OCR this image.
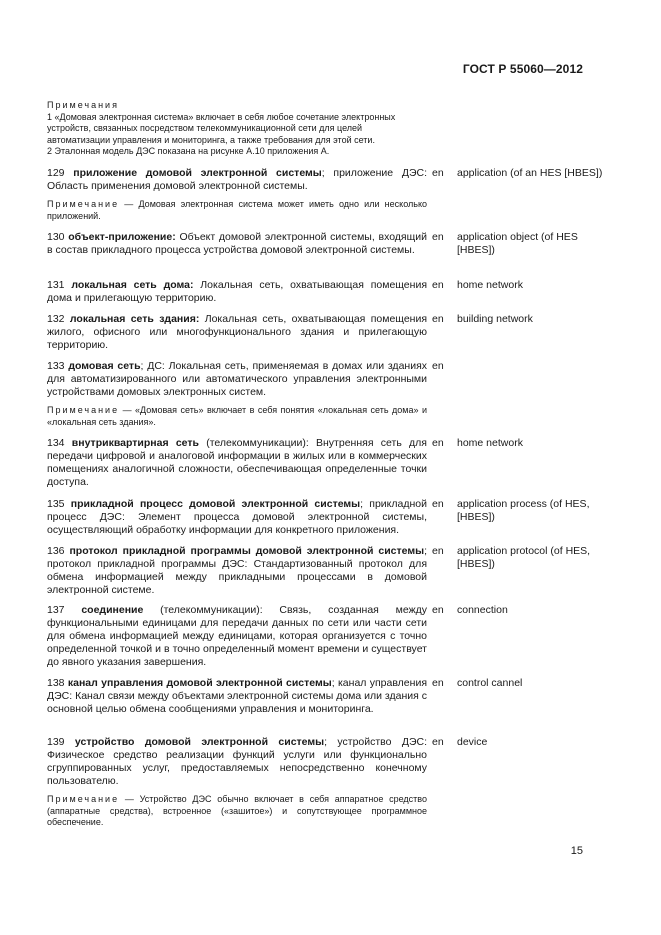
ГОСТ Р 55060—2012

Примечания

1 «Домовая электронная система» включает в себя любое сочетание электронных устройств, связанных посредством телекоммуникационной сети для целей автоматизации управления и мониторинга, а также требования для этой сети.

2 Эталонная модель ДЭС показана на рисунке А.10 приложения А.

129 приложение домовой электронной системы; приложение ДЭС: Область применения домовой электронной системы.

Примечание — Домовая электронная система может иметь одно или несколько приложений.

en application (of an HES [HBES])

130 объект-приложение: Объект домовой электронной системы, входящий в состав прикладного процесса устройства домовой электронной системы.

en application object (of HES [HBES])

131 локальная сеть дома: Локальная сеть, охватывающая помещения дома и прилегающую территорию.

en home network

132 локальная сеть здания: Локальная сеть, охватывающая помещения жилого, офисного или многофункционального здания и прилегающую территорию.

en building network

133 домовая сеть; ДС: Локальная сеть, применяемая в домах или зданиях для автоматизированного или автоматического управления электронными устройствами домовых электронных систем.

Примечание — «Домовая сеть» включает в себя понятия «локальная сеть дома» и «локальная сеть здания».

en

134 внутриквартирная сеть (телекоммуникации): Внутренняя сеть для передачи цифровой и аналоговой информации в жилых или в коммерческих помещениях аналогичной сложности, обеспечивающая определенные точки доступа.

en home network

135 прикладной процесс домовой электронной системы; прикладной процесс ДЭС: Элемент процесса домовой электронной системы, осуществляющий обработку информации для конкретного приложения.

en application process (of HES, [HBES])

136 протокол прикладной программы домовой электронной системы; протокол прикладной программы ДЭС: Стандартизованный протокол для обмена информацией между прикладными процессами в домовой электронной системе.

en application protocol (of HES, [HBES])

137 соединение (телекоммуникации): Связь, созданная между функциональными единицами для передачи данных по сети или части сети для обмена информацией между единицами, которая организуется с точно определенной точкой и в точно определенный момент времени и существует до явного указания завершения.

en connection

138 канал управления домовой электронной системы; канал управления ДЭС: Канал связи между объектами электронной системы дома или здания с основной целью обмена сообщениями управления и мониторинга.

en control cannel

139 устройство домовой электронной системы; устройство ДЭС: Физическое средство реализации функций услуги или функционально сгруппированных услуг, предоставляемых непосредственно конечному пользователю.

Примечание — Устройство ДЭС обычно включает в себя аппаратное средство (аппаратные средства), встроенное («зашитое») и сопутствующее программное обеспечение.

en device
15
